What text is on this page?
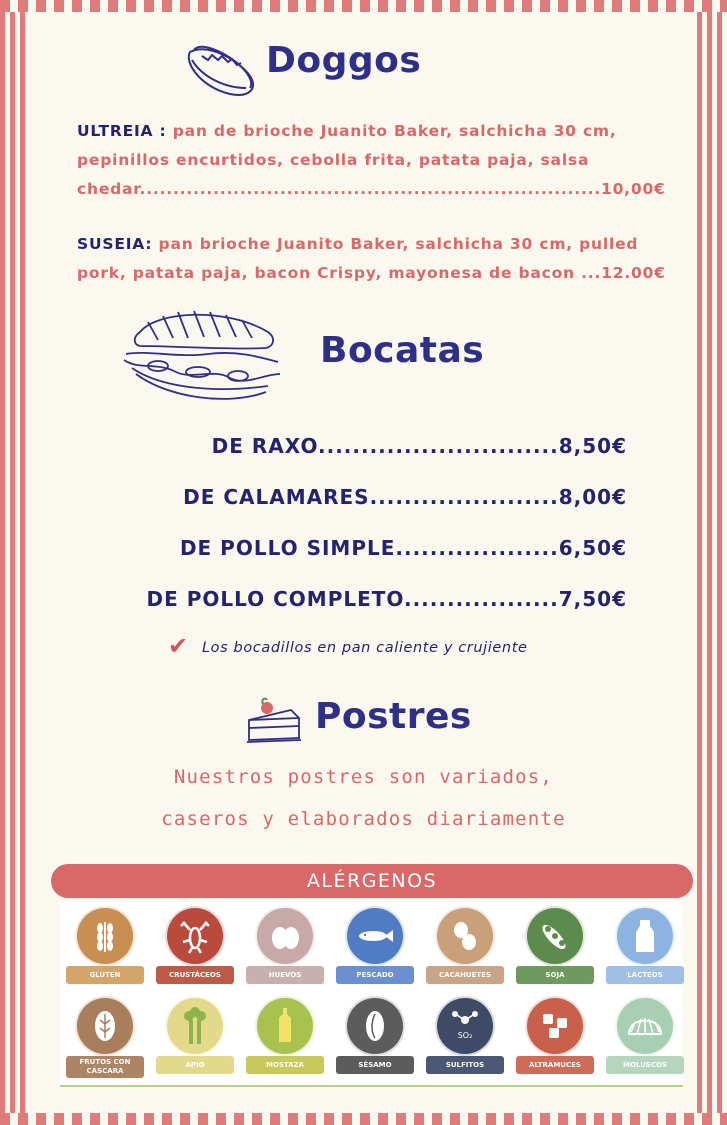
Doggos
ULTREIA : pan de brioche Juanito Baker, salchicha 30 cm,
pepinillos encurtidos, cebolla frita, patata paja, salsa
chedar.....................................................................10,00€
SUSEIA: pan brioche Juanito Baker, salchicha 30 cm, pulled
pork, patata paja, bacon Crispy, mayonesa de bacon ...12.00€
Bocatas
DE RAXO............................8,50€
DE CALAMARES......................8,00€
DE POLLO SIMPLE...................6,50€
DE POLLO COMPLETO..................7,50€
✔ Los bocadillos en pan caliente y crujiente
Postres
Nuestros postres son variados,
caseros y elaborados diariamente
ALÉRGENOS
GLUTEN	CRUSTÁCEOS	HUEVOS	PESCADO	CACAHUETES	SOJA	LÁCTEOS
FRUTOS CON CÁSCARA
APIO	MOSTAZA	SÉSAMO
SO₂
SULFITOS	ALTRAMUCES	MOLUSCOS
